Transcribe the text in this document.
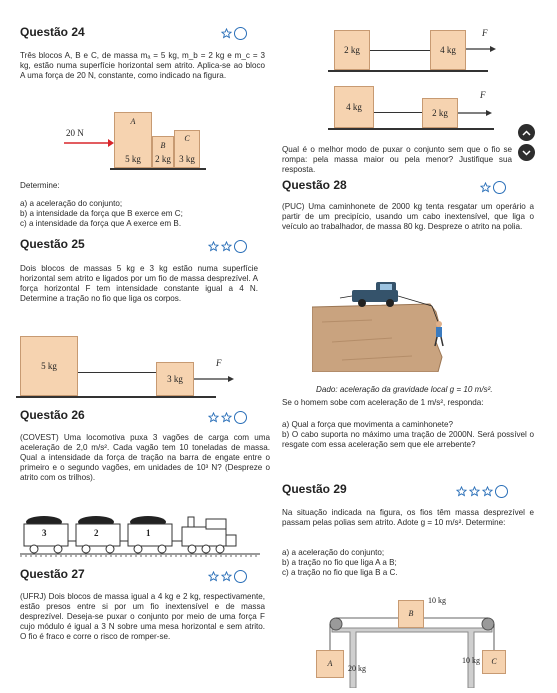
Questão 24
Três blocos A, B e C, de massa mₐ = 5 kg, m_b = 2 kg e m_c = 3 kg, estão numa superfície horizontal sem atrito. Aplica-se ao bloco A uma força de 20 N, constante, como indicado na figura.
20 N
A
5 kg
B
2 kg
C
3 kg
Determine:
a) a aceleração do conjunto;
b) a intensidade da força que B exerce em C;
c) a intensidade da força que A exerce em B.
Questão 25
Dois blocos de massas 5 kg e 3 kg estão numa superfície horizontal sem atrito e ligados por um fio de massa desprezível. A força horizontal F tem intensidade constante igual a 4 N. Determine a tração no fio que liga os corpos.
5 kg
3 kg
F
Questão 26
(COVEST) Uma locomotiva puxa 3 vagões de carga com uma aceleração de 2,0 m/s². Cada vagão tem 10 toneladas de massa. Qual a intensidade da força de tração na barra de engate entre o primeiro e o segundo vagões, em unidades de 10³ N? (Despreze o atrito com os trilhos).
3	2	1
Questão 27
(UFRJ) Dois blocos de massa igual a 4 kg e 2 kg, respectivamente, estão presos entre si por um fio inextensível e de massa desprezível. Deseja-se puxar o conjunto por meio de uma força F cujo módulo é igual a 3 N sobre uma mesa horizontal e sem atrito. O fio é fraco e corre o risco de romper-se.
2 kg	4 kg
F
4 kg
2 kg
F
Qual é o melhor modo de puxar o conjunto sem que o fio se rompa: pela massa maior ou pela menor? Justifique sua resposta.
Questão 28
(PUC) Uma caminhonete de 2000 kg tenta resgatar um operário a partir de um precipício, usando um cabo inextensível, que liga o veículo ao trabalhador, de massa 80 kg. Despreze o atrito na polia.
Dado: aceleração da gravidade local g = 10 m/s².
Se o homem sobe com aceleração de 1 m/s², responda:
a) Qual a força que movimenta a caminhonete?
b) O cabo suporta no máximo uma tração de 2000N. Será possível o resgate com essa aceleração sem que ele arrebente?
Questão 29
Na situação indicada na figura, os fios têm massa desprezível e passam pelas polias sem atrito. Adote g = 10 m/s². Determine:
a) a aceleração do conjunto;
b) a tração no fio que liga A a B;
c) a tração no fio que liga B a C.
B
10 kg
A
20 kg
C
10 kg
